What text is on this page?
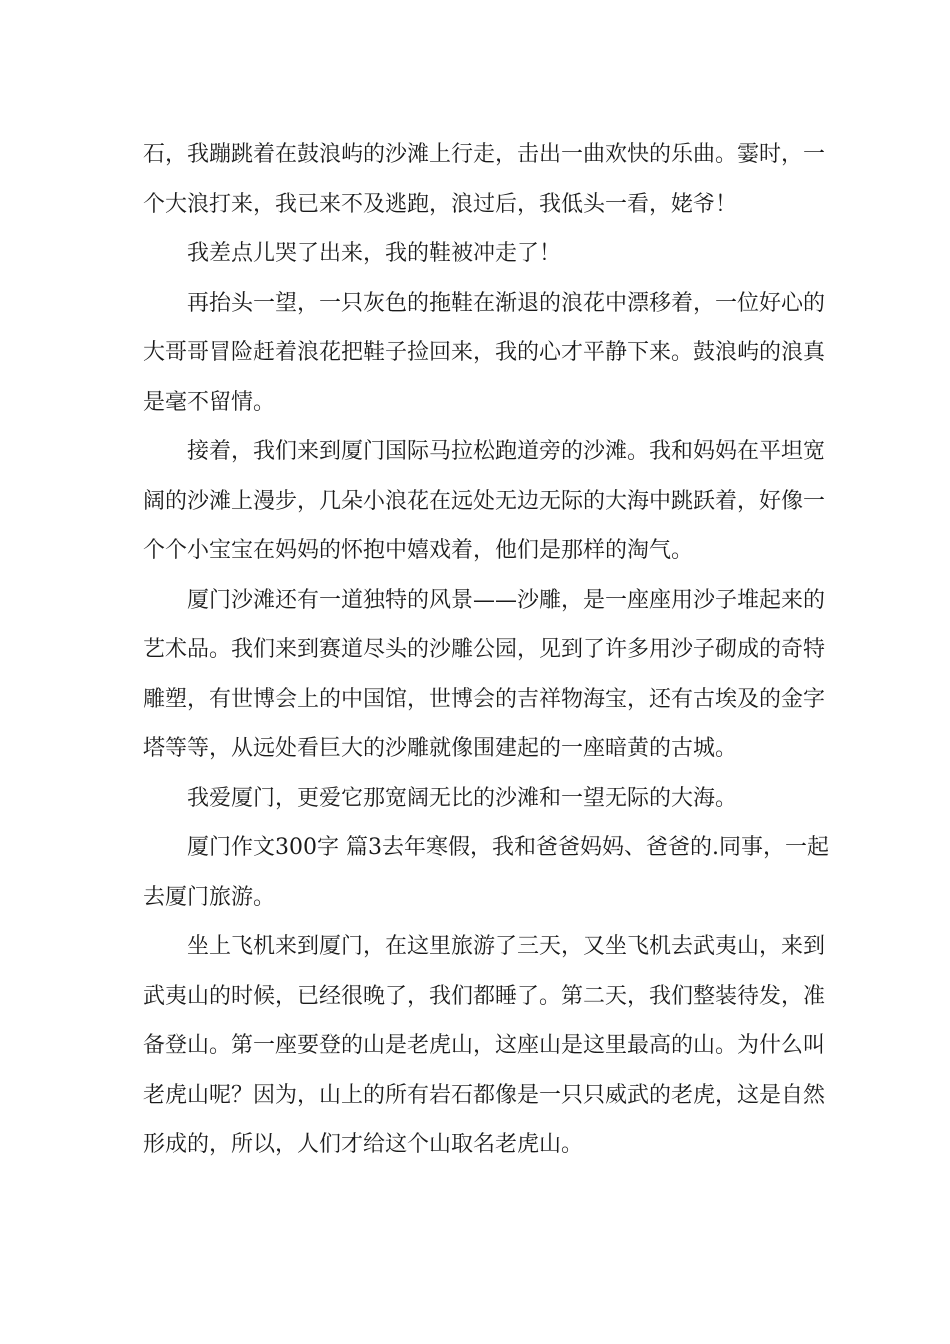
石，我蹦跳着在鼓浪屿的沙滩上行走，击出一曲欢快的乐曲。霎时，一个大浪打来，我已来不及逃跑，浪过后，我低头一看，姥爷！

我差点儿哭了出来，我的鞋被冲走了！

再抬头一望，一只灰色的拖鞋在渐退的浪花中漂移着，一位好心的大哥哥冒险赶着浪花把鞋子捡回来，我的心才平静下来。鼓浪屿的浪真是毫不留情。

接着，我们来到厦门国际马拉松跑道旁的沙滩。我和妈妈在平坦宽阔的沙滩上漫步，几朵小浪花在远处无边无际的大海中跳跃着，好像一个个小宝宝在妈妈的怀抱中嬉戏着，他们是那样的淘气。

厦门沙滩还有一道独特的风景——沙雕，是一座座用沙子堆起来的艺术品。我们来到赛道尽头的沙雕公园，见到了许多用沙子砌成的奇特雕塑，有世博会上的中国馆，世博会的吉祥物海宝，还有古埃及的金字塔等等，从远处看巨大的沙雕就像围建起的一座暗黄的古城。

我爱厦门，更爱它那宽阔无比的沙滩和一望无际的大海。

厦门作文300字 篇3去年寒假，我和爸爸妈妈、爸爸的.同事，一起去厦门旅游。

坐上飞机来到厦门，在这里旅游了三天，又坐飞机去武夷山，来到武夷山的时候，已经很晚了，我们都睡了。第二天，我们整装待发，准备登山。第一座要登的山是老虎山，这座山是这里最高的山。为什么叫老虎山呢？因为，山上的所有岩石都像是一只只威武的老虎，这是自然形成的，所以，人们才给这个山取名老虎山。
